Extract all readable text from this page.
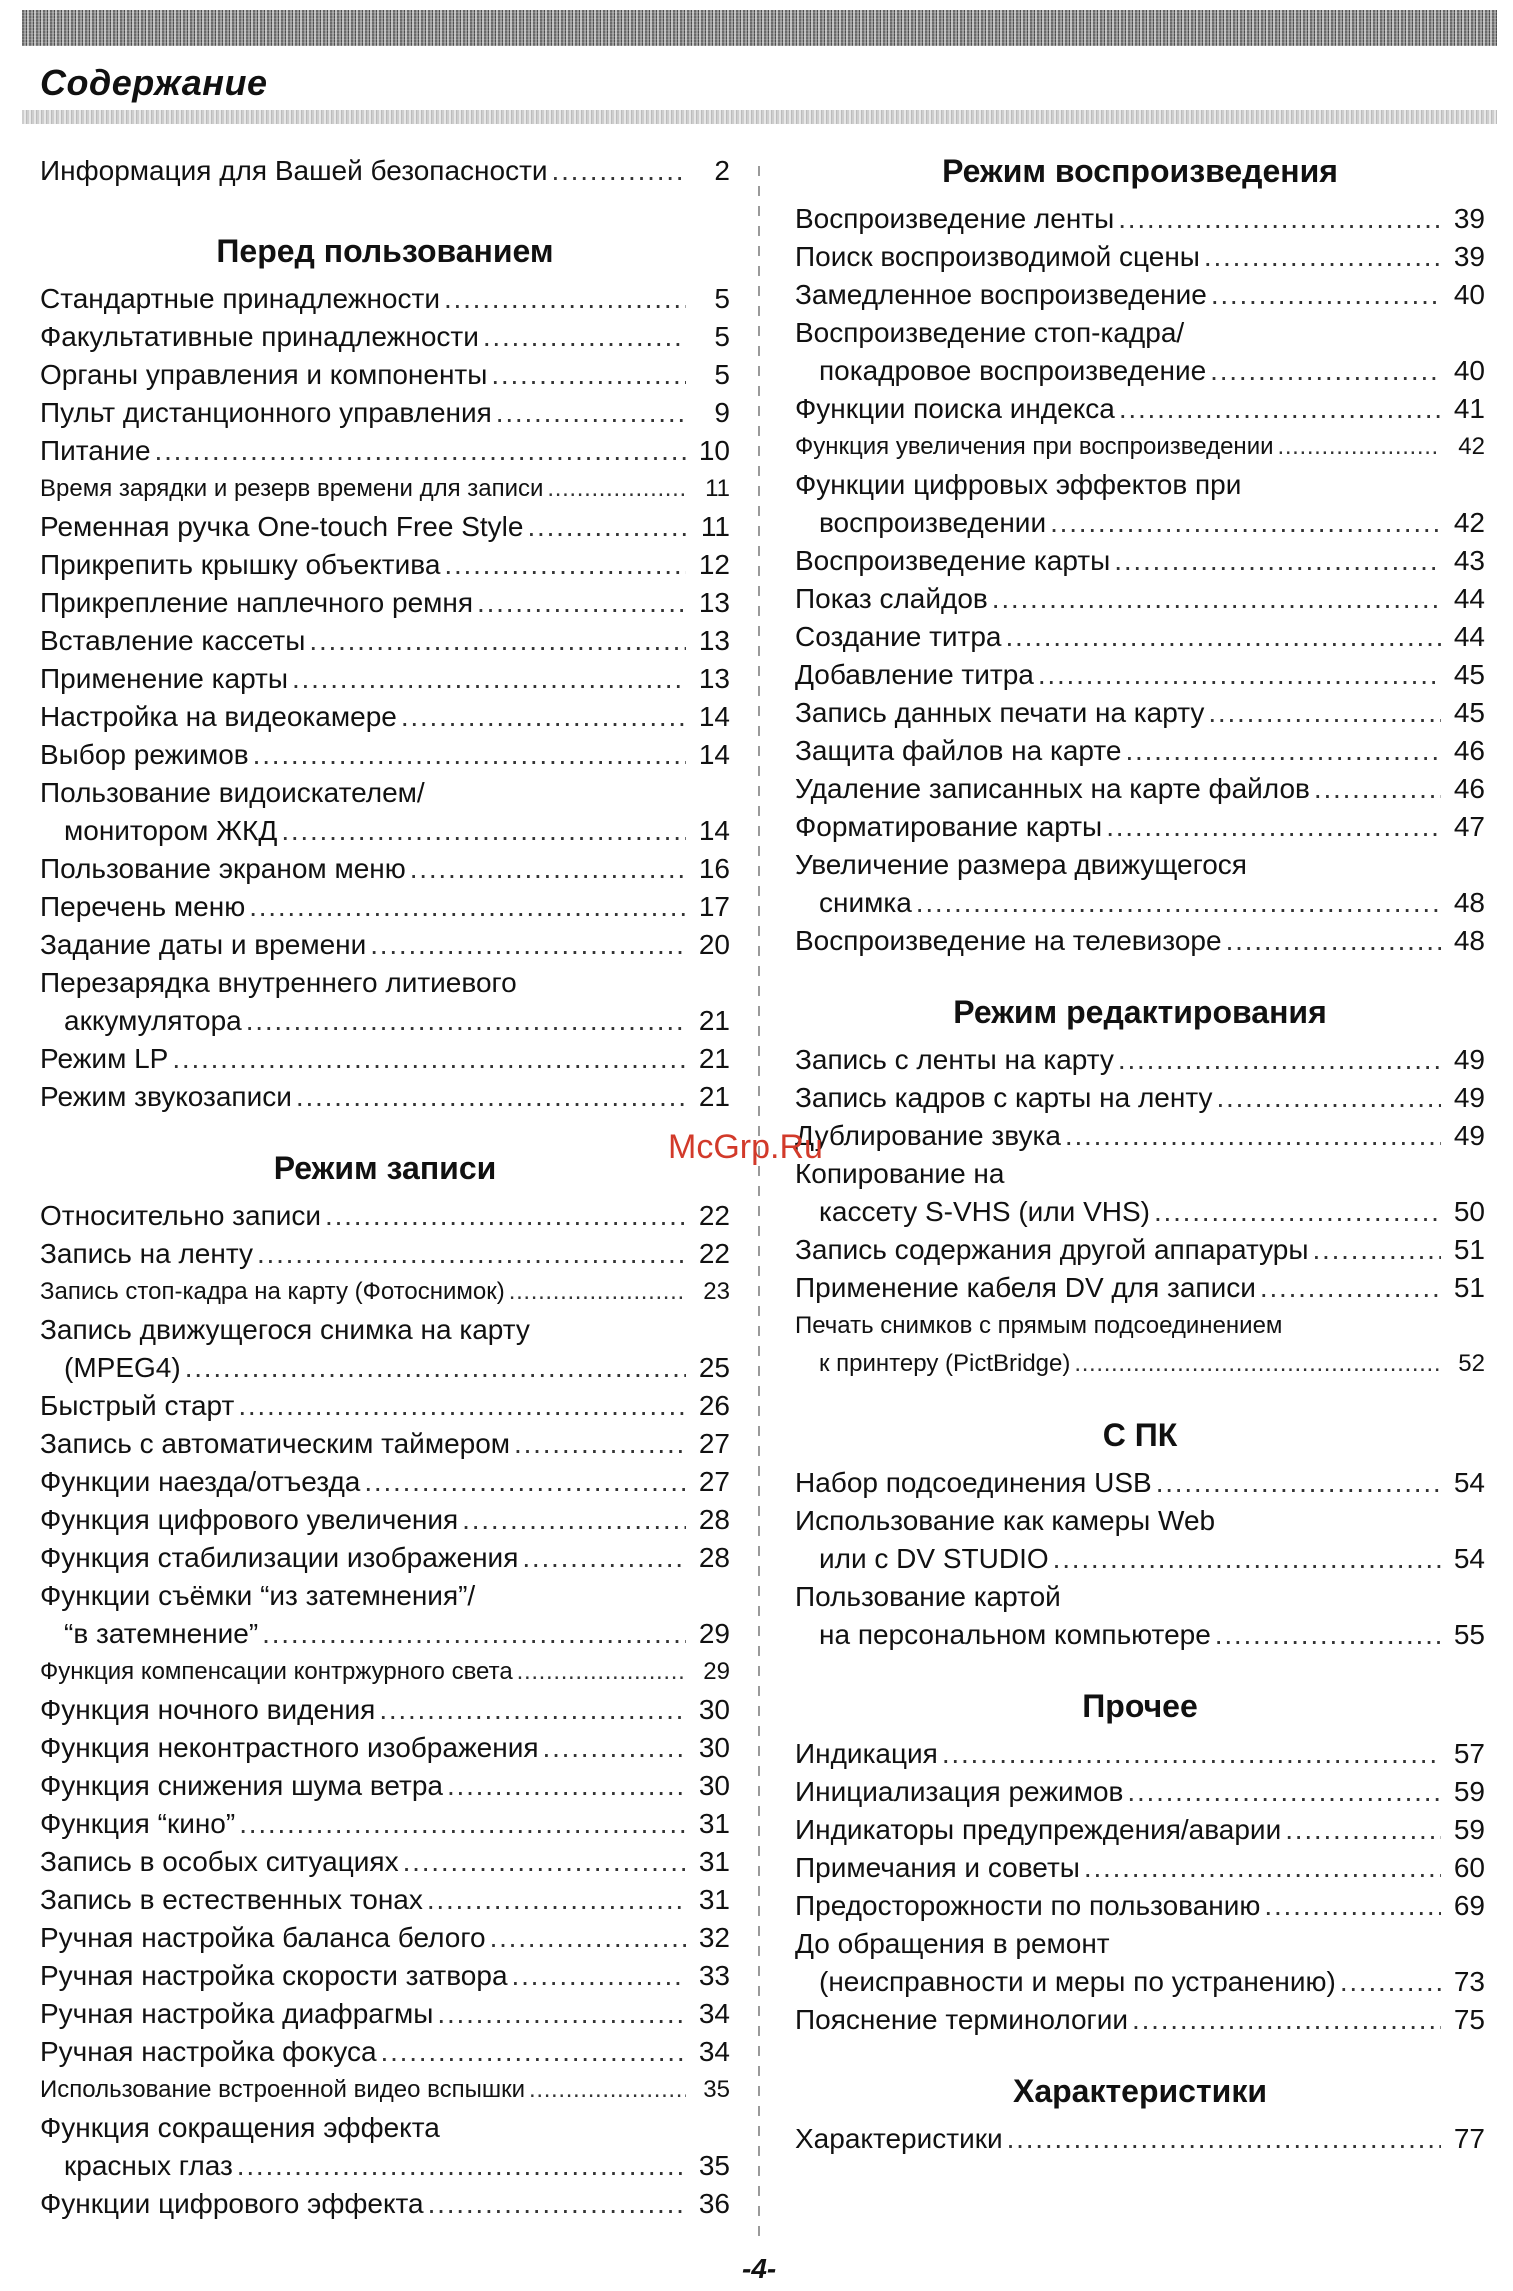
Содержание
Информация для Вашей безопасности . . .	2
Перед пользованием
Стандартные принадлежности . . .	5
Факультативные принадлежности . . .	5
Органы управления и компоненты . . .	5
Пульт дистанционного управления . . .	9
Питание . . .	10
Время зарядки и резерв времени для записи . . .	11
Ременная ручка One-touch Free Style . . .	11
Прикрепить крышку объектива . . .	12
Прикрепление наплечного ремня . . .	13
Вставление кассеты . . .	13
Применение карты . . .	13
Настройка на видеокамере . . .	14
Выбор режимов . . .	14
Пользование видоискателем/
монитором ЖКД . . .	14
Пользование экраном меню . . .	16
Перечень меню . . .	17
Задание даты и времени . . .	20
Перезарядка внутреннего литиевого
аккумулятора . . .	21
Режим LP . . .	21
Режим звукозаписи . . .	21
Режим записи
Относительно записи . . .	22
Запись на ленту . . .	22
Запись стоп-кадра на карту (Фотоснимок) . . .	23
Запись движущегося снимка на карту
(MPEG4) . . .	25
Быстрый старт . . .	26
Запись с автоматическим таймером . . .	27
Функции наезда/отъезда . . .	27
Функция цифрового увеличения . . .	28
Функция стабилизации изображения . . .	28
Функции съёмки “из затемнения”/
“в затемнение” . . .	29
Функция компенсации контржурного света . . .	29
Функция ночного видения . . .	30
Функция неконтрастного изображения . . .	30
Функция снижения шума ветра . . .	30
Функция “кино” . . .	31
Запись в особых ситуациях . . .	31
Запись в естественных тонах . . .	31
Ручная настройка баланса белого . . .	32
Ручная настройка скорости затвора . . .	33
Ручная настройка диафрагмы . . .	34
Ручная настройка фокуса . . .	34
Использование встроенной видео вспышки . . .	35
Функция сокращения эффекта
красных глаз . . .	35
Функции цифрового эффекта . . .	36
Режим воспроизведения
Воспроизведение ленты . . .	39
Поиск воспроизводимой сцены . . .	39
Замедленное воспроизведение . . .	40
Воспроизведение стоп-кадра/
покадровое воспроизведение . . .	40
Функции поиска индекса . . .	41
Функция увеличения при воспроизведении . . .	42
Функции цифровых эффектов при
воспроизведении . . .	42
Воспроизведение карты . . .	43
Показ слайдов . . .	44
Создание титра . . .	44
Добавление титра . . .	45
Запись данных печати на карту . . .	45
Защита файлов на карте . . .	46
Удаление записанных на карте файлов . . .	46
Форматирование карты . . .	47
Увеличение размера движущегося
снимка . . .	48
Воспроизведение на телевизоре . . .	48
Режим редактирования
Запись с ленты на карту . . .	49
Запись кадров с карты на ленту . . .	49
Дублирование звука . . .	49
Копирование на
кассету S-VHS (или VHS) . . .	50
Запись содержания другой аппаратуры . . .	51
Применение кабеля DV для записи . . .	51
Печать снимков с прямым подсоединением
к принтеру (PictBridge) . . .	52
С ПК
Набор подсоединения USB . . .	54
Использование как камеры Web
или с DV STUDIO . . .	54
Пользование картой
на персональном компьютере . . .	55
Прочее
Индикация . . .	57
Инициализация режимов . . .	59
Индикаторы предупреждения/аварии . . .	59
Примечания и советы . . .	60
Предосторожности по пользованию . . .	69
До обращения в ремонт
(неисправности и меры по устранению) . . .	73
Пояснение терминологии . . .	75
Характеристики
Характеристики . . .	77
McGrp.Ru
-4-
